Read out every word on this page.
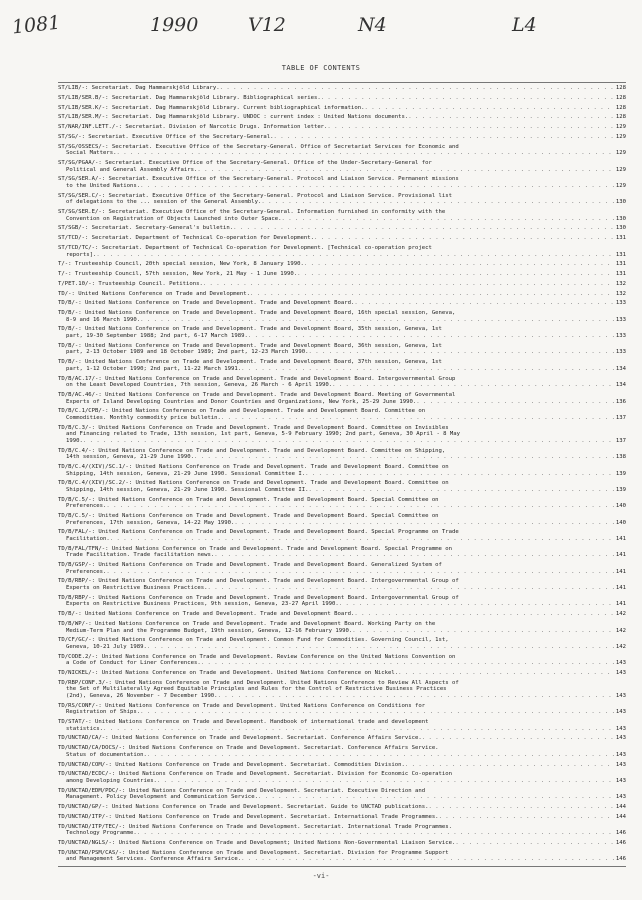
1081	1990	V12	N4	L4
TABLE OF CONTENTS
ST/LIB/-: Secretariat. Dag Hammarskjöld Library. . . .	128
ST/LIB/SER.B/-: Secretariat. Dag Hammarskjöld Library. Bibliographical series. . . .	128
ST/LIB/SER.K/-: Secretariat. Dag Hammarskjöld Library. Current bibliographical information. . . .	128
ST/LIB/SER.M/-: Secretariat. Dag Hammarskjöld Library. UNDOC : current index : United Nations documents. . . .	128
ST/NAR/INF.LETT./-: Secretariat. Division of Narcotic Drugs. Information letter. . . .	129
ST/SG/-: Secretariat. Executive Office of the Secretary-General. . . .	129
ST/SG/OSSECS/-: Secretariat. Executive Office of the Secretary-General. Office of Secretariat Services for Economic and
Social Matters. . . .	129
ST/SG/PGAA/-: Secretariat. Executive Office of the Secretary-General. Office of the Under-Secretary-General for
Political and General Assembly Affairs. . . .	129
ST/SG/SER.A/-: Secretariat. Executive Office of the Secretary-General. Protocol and Liaison Service. Permanent missions
to the United Nations. . . .	129
ST/SG/SER.C/-: Secretariat. Executive Office of the Secretary-General. Protocol and Liaison Service. Provisional list
of delegations to the ... session of the General Assembly. . . .	130
ST/SG/SER.E/-: Secretariat. Executive Office of the Secretary-General. Information furnished in conformity with the
Convention on Registration of Objects Launched into Outer Space. . . .	130
ST/SGB/-: Secretariat. Secretary-General's bulletin. . . .	130
ST/TCD/-: Secretariat. Department of Technical Co-operation for Development. . . .	131
ST/TCD/TC/-: Secretariat. Department of Technical Co-operation for Development. [Technical co-operation project
reports]. . . .	131
T/-: Trusteeship Council, 20th special session, New York, 8 January 1990. . . .	131
T/-: Trusteeship Council, 57th session, New York, 21 May - 1 June 1990. . . .	131
T/PET.10/-: Trusteeship Council. Petitions. . . .	132
TD/-: United Nations Conference on Trade and Development. . . .	132
TD/B/-: United Nations Conference on Trade and Development. Trade and Development Board. . . .	133
TD/B/-: United Nations Conference on Trade and Development. Trade and Development Board, 16th special session, Geneva,
8-9 and 16 March 1990. . . .	133
TD/B/-: United Nations Conference on Trade and Development. Trade and Development Board, 35th session, Geneva, 1st
part, 19-30 September 1988; 2nd part, 6-17 March 1989. . . .	133
TD/B/-: United Nations Conference on Trade and Development. Trade and Development Board, 36th session, Geneva, 1st
part, 2-13 October 1989 and 18 October 1989; 2nd part, 12-23 March 1990. . . .	133
TD/B/-: United Nations Conference on Trade and Development. Trade and Development Board, 37th session, Geneva, 1st
part, 1-12 October 1990; 2nd part, 11-22 March 1991. . . .	134
TD/B/AC.17/-: United Nations Conference on Trade and Development. Trade and Development Board. Intergovernmental Group
on the Least Developed Countries, 7th session, Geneva, 26 March - 6 April 1990. . . .	134
TD/B/AC.46/-: United Nations Conference on Trade and Development. Trade and Development Board. Meeting of Governmental
Experts of Island Developing Countries and Donor Countries and Organizations, New York, 25-29 June 1990. . . .	136
TD/B/C.1/CPB/-: United Nations Conference on Trade and Development. Trade and Development Board. Committee on
Commodities. Monthly commodity price bulletin. . . .	137
TD/B/C.3/-: United Nations Conference on Trade and Development. Trade and Development Board. Committee on Invisibles
and Financing related to Trade, 13th session, 1st part, Geneva, 5-9 February 1990; 2nd part, Geneva, 30 April - 8 May
1990. . . .	137
TD/B/C.4/-: United Nations Conference on Trade and Development. Trade and Development Board. Committee on Shipping,
14th session, Geneva, 21-29 June 1990. . . .	138
TD/B/C.4/(XIV)/SC.1/-: United Nations Conference on Trade and Development. Trade and Development Board. Committee on
Shipping, 14th session, Geneva, 21-29 June 1990. Sessional Committee I. . . .	139
TD/B/C.4/(XIV)/SC.2/-: United Nations Conference on Trade and Development. Trade and Development Board. Committee on
Shipping, 14th session, Geneva, 21-29 June 1990. Sessional Committee II. . . .	139
TD/B/C.5/-: United Nations Conference on Trade and Development. Trade and Development Board. Special Committee on
Preferences. . . .	140
TD/B/C.5/-: United Nations Conference on Trade and Development. Trade and Development Board. Special Committee on
Preferences, 17th session, Geneva, 14-22 May 1990. . . .	140
TD/B/FAL/-: United Nations Conference on Trade and Development. Trade and Development Board. Special Programme on Trade
Facilitation. . . .	141
TD/B/FAL/TFN/-: United Nations Conference on Trade and Development. Trade and Development Board. Special Programme on
Trade Facilitation. Trade facilitation news. . . .	141
TD/B/GSP/-: United Nations Conference on Trade and Development. Trade and Development Board. Generalized System of
Preferences. . . .	141
TD/B/RBP/-: United Nations Conference on Trade and Development. Trade and Development Board. Intergovernmental Group of
Experts on Restrictive Business Practices. . . .	141
TD/B/RBP/-: United Nations Conference on Trade and Development. Trade and Development Board. Intergovernmental Group of
Experts on Restrictive Business Practices, 9th session, Geneva, 23-27 April 1990. . . .	141
TD/B/-: United Nations Conference on Trade and Development. Trade and Development Board. . . .	142
TD/B/WP/-: United Nations Conference on Trade and Development. Trade and Development Board. Working Party on the
Medium-Term Plan and the Programme Budget, 19th session, Geneva, 12-16 February 1990. . . .	142
TD/CF/GC/-: United Nations Conference on Trade and Development. Common Fund for Commodities. Governing Council, 1st,
Geneva, 10-21 July 1989. . . .	142
TD/CODE.2/-: United Nations Conference on Trade and Development. Review Conference on the United Nations Convention on
a Code of Conduct for Liner Conferences. . . .	143
TD/NICKEL/-: United Nations Conference on Trade and Development. United Nations Conference on Nickel. . . .	143
TD/RBP/CONF.3/-: United Nations Conference on Trade and Development. United Nations Conference to Review All Aspects of
the Set of Multilaterally Agreed Equitable Principles and Rules for the Control of Restrictive Business Practices
(2nd), Geneva, 26 November - 7 December 1990. . . .	143
TD/RS/CONF/-: United Nations Conference on Trade and Development. United Nations Conference on Conditions for
Registration of Ships. . . .	143
TD/STAT/-: United Nations Conference on Trade and Development. Handbook of international trade and development
statistics. . . .	143
TD/UNCTAD/CA/-: United Nations Conference on Trade and Development. Secretariat. Conference Affairs Service. . . .	143
TD/UNCTAD/CA/DOCS/-: United Nations Conference on Trade and Development. Secretariat. Conference Affairs Service.
Status of documentation. . . .	143
TD/UNCTAD/COM/-: United Nations Conference on Trade and Development. Secretariat. Commodities Division. . . .	143
TD/UNCTAD/ECDC/-: United Nations Conference on Trade and Development. Secretariat. Division for Economic Co-operation
among Developing Countries. . . .	143
TD/UNCTAD/EDM/PDC/-: United Nations Conference on Trade and Development. Secretariat. Executive Direction and
Management. Policy Development and Communication Service. . . .	143
TD/UNCTAD/GP/-: United Nations Conference on Trade and Development. Secretariat. Guide to UNCTAD publications. . . .	144
TD/UNCTAD/ITP/-: United Nations Conference on Trade and Development. Secretariat. International Trade Programmes. . . .	144
TD/UNCTAD/ITP/TEC/-: United Nations Conference on Trade and Development. Secretariat. International Trade Programmes.
Technology Programme. . . .	146
TD/UNCTAD/NGLS/-: United Nations Conference on Trade and Development; United Nations Non-Governmental Liaison Service. . . .	146
TD/UNCTAD/PSM/CAS/-: United Nations Conference on Trade and Development. Secretariat. Division for Programme Support
and Management Services. Conference Affairs Service. . . .	146
-vi-
